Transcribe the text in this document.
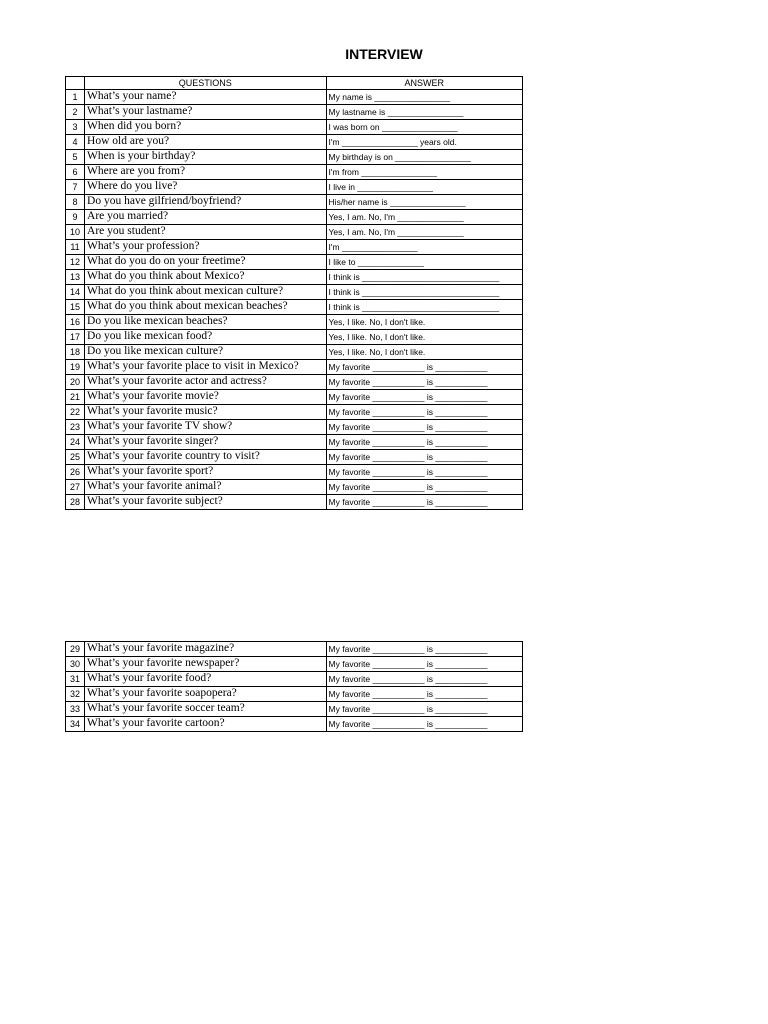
INTERVIEW
	QUESTIONS	ANSWER
1	What’s your name?	My name is ________________
2	What’s your lastname?	My lastname is ________________
3	When did you born?	I was born on ________________
4	How old are you?	I'm ________________ years old.
5	When is your birthday?	My birthday is on ________________
6	Where are you from?	I'm from ________________
7	Where do you live?	I live in ________________
8	Do you have gilfriend/boyfriend?	His/her name is ________________
9	Are you married?	Yes, I am. No, I'm ______________
10	Are you student?	Yes, I am. No, I'm ______________
11	What’s your profession?	I'm ________________
12	What do you do on your freetime?	I like to ______________
13	What do you think about Mexico?	I think is _____________________________
14	What do you think about mexican culture?	I think is _____________________________
15	What do you think about mexican beaches?	I think is _____________________________
16	Do you like mexican beaches?	Yes, I like. No, I don't like.
17	Do you like mexican food?	Yes, I like. No, I don't like.
18	Do you like mexican culture?	Yes, I like. No, I don't like.
19	What’s your favorite place to visit in Mexico?	My favorite ___________ is ___________
20	What’s your favorite actor and actress?	My favorite ___________ is ___________
21	What’s your favorite movie?	My favorite ___________ is ___________
22	What’s your favorite music?	My favorite ___________ is ___________
23	What’s your favorite TV show?	My favorite ___________ is ___________
24	What’s your favorite singer?	My favorite ___________ is ___________
25	What’s your favorite country to visit?	My favorite ___________ is ___________
26	What’s your favorite sport?	My favorite ___________ is ___________
27	What’s your favorite animal?	My favorite ___________ is ___________
28	What’s your favorite subject?	My favorite ___________ is ___________
29	What’s your favorite magazine?	My favorite ___________ is ___________
30	What’s your favorite newspaper?	My favorite ___________ is ___________
31	What’s your favorite food?	My favorite ___________ is ___________
32	What’s your favorite soapopera?	My favorite ___________ is ___________
33	What’s your favorite soccer team?	My favorite ___________ is ___________
34	What’s your favorite cartoon?	My favorite ___________ is ___________
